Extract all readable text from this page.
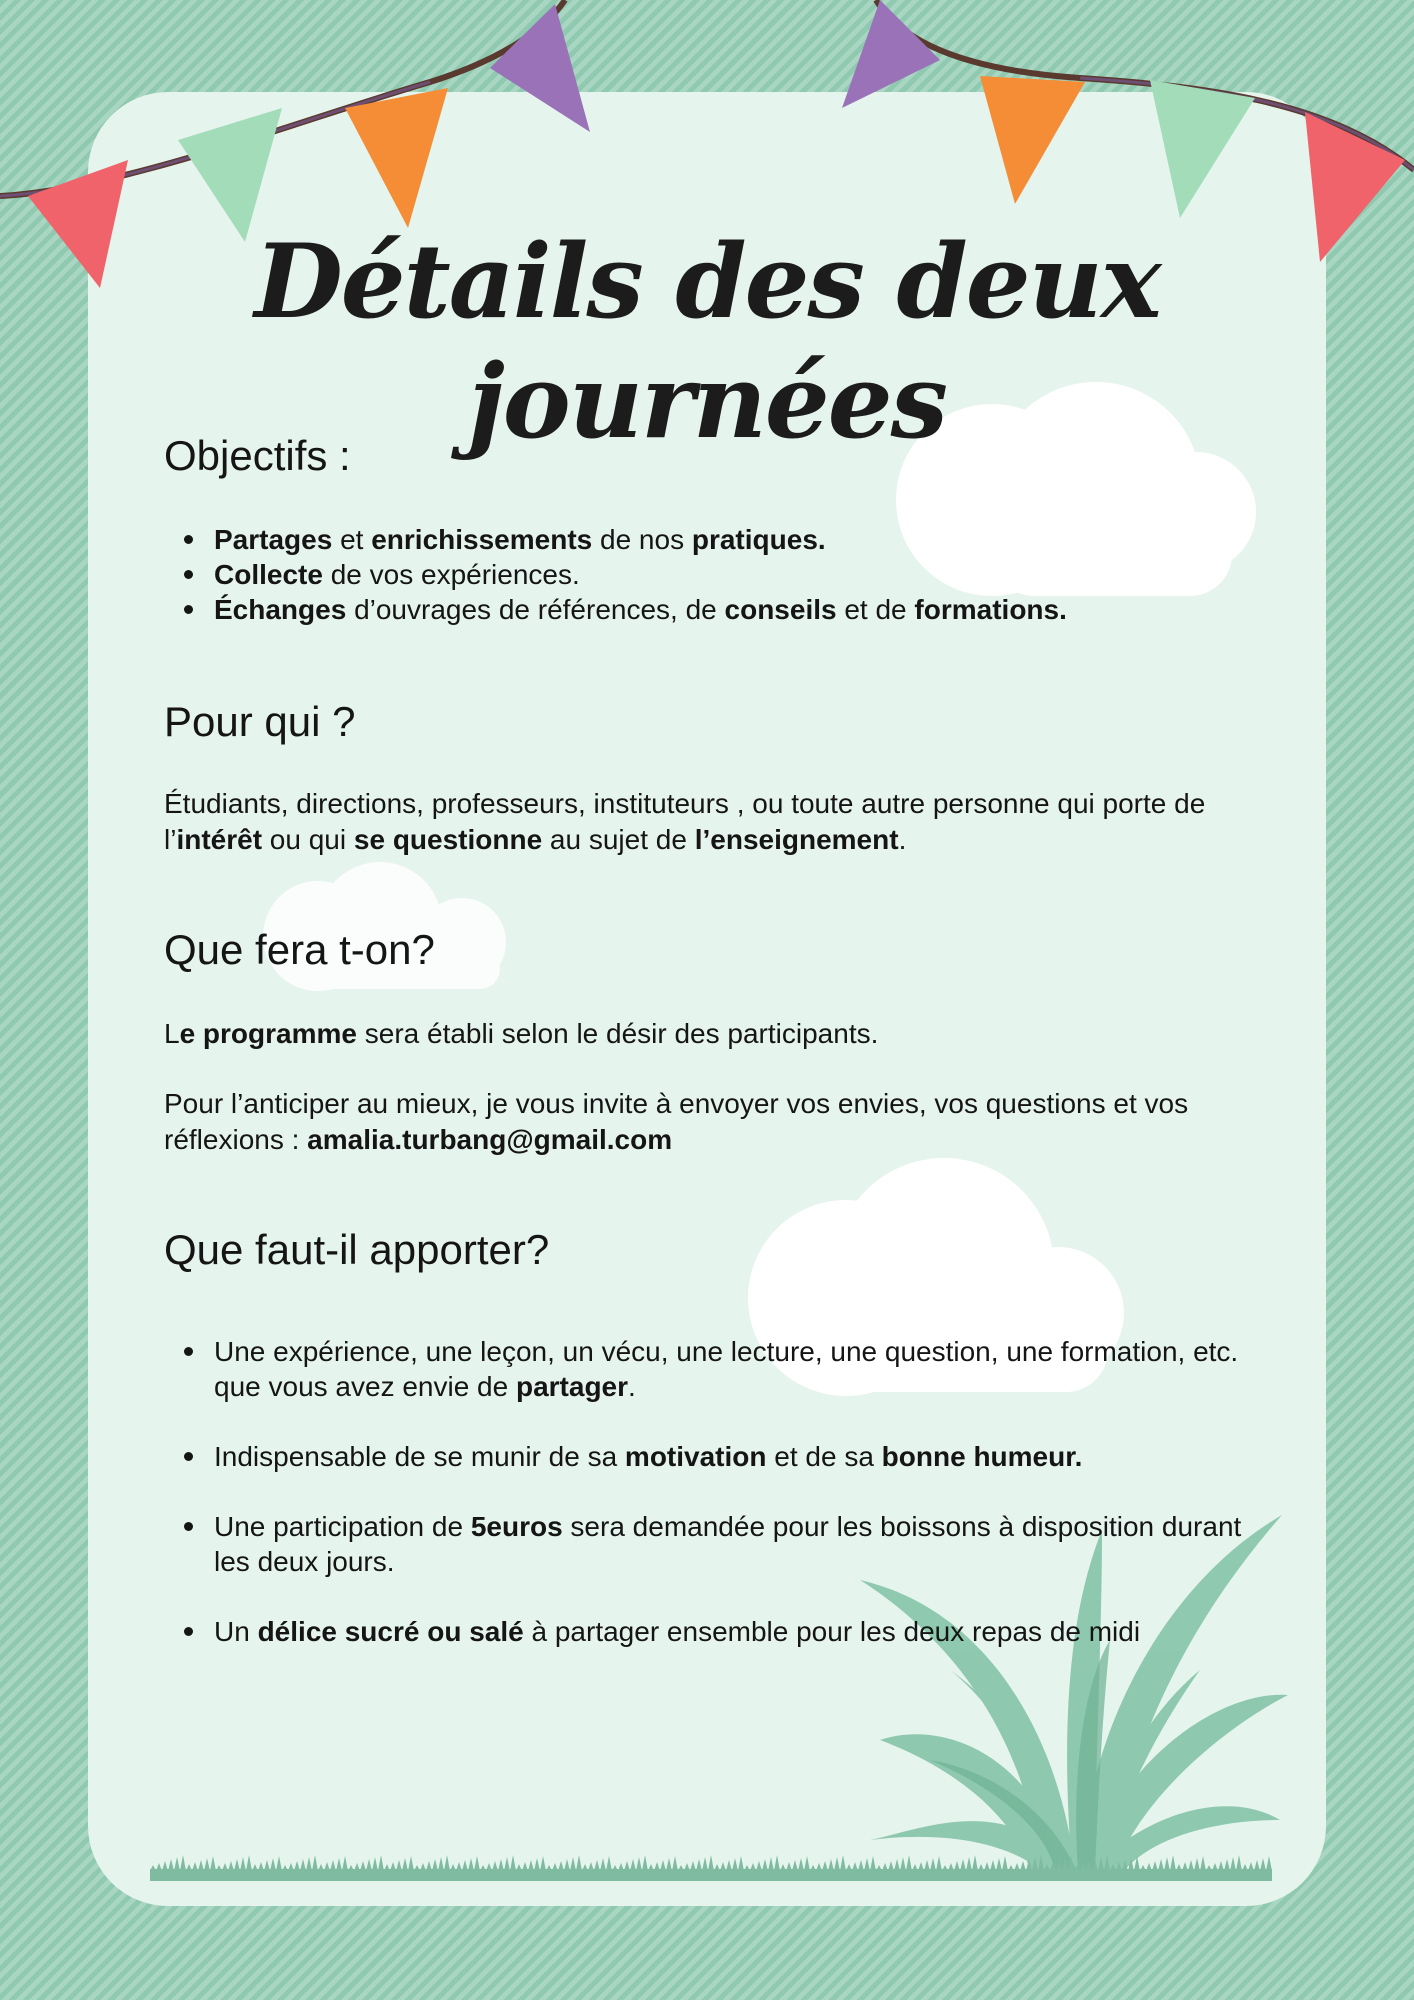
Détails des deux journées
Objectifs :
Partages et enrichissements de nos pratiques.
Collecte de vos expériences.
Échanges d’ouvrages de références, de conseils et de formations.
Pour qui ?

Étudiants, directions, professeurs, instituteurs , ou toute autre personne qui porte de l’intérêt ou qui se questionne au sujet de l’enseignement.

Que fera t-on?

Le programme sera établi selon le désir des participants.

Pour l’anticiper au mieux, je vous invite à envoyer vos envies, vos questions et vos réflexions : amalia.turbang@gmail.com

Que faut-il apporter?
Une expérience, une leçon, un vécu, une lecture, une question, une formation, etc. que vous avez envie de partager.
Indispensable de se munir de sa motivation et de sa bonne humeur.
Une participation de 5euros sera demandée pour les boissons à disposition durant les deux jours.
Un délice sucré ou salé à partager ensemble pour les deux repas de midi
